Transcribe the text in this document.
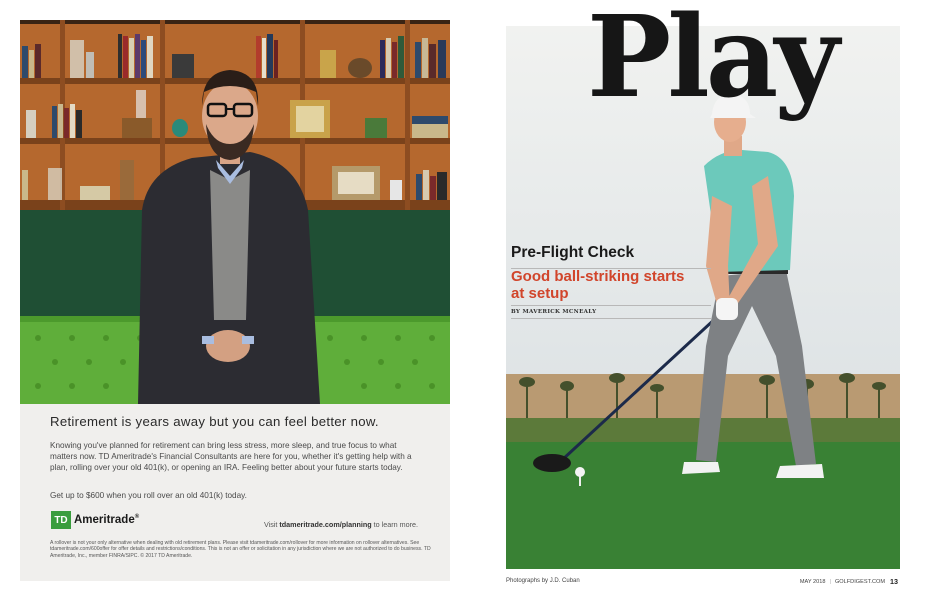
Retirement is years away but you can feel better now.
Knowing you've planned for retirement can bring less stress, more sleep, and true focus to what matters now. TD Ameritrade's Financial Consultants are here for you, whether it's getting help with a plan, rolling over your old 401(k), or opening an IRA. Feeling better about your future starts today.
Get up to $600 when you roll over an old 401(k) today.
TD Ameritrade®
Visit tdameritrade.com/planning to learn more.
A rollover is not your only alternative when dealing with old retirement plans. Please visit tdameritrade.com/rollover for more information on rollover alternatives. See tdameritrade.com/600offer for offer details and restrictions/conditions. This is not an offer or solicitation in any jurisdiction where we are not authorized to do business. TD Ameritrade, Inc., member FINRA/SIPC. © 2017 TD Ameritrade.
Play
Pre-Flight Check
Good ball-striking starts at setup
BY MAVERICK MCNEALY
Photographs by J.D. Cuban	MAY 2018 | GOLFDIGEST.COM 13
